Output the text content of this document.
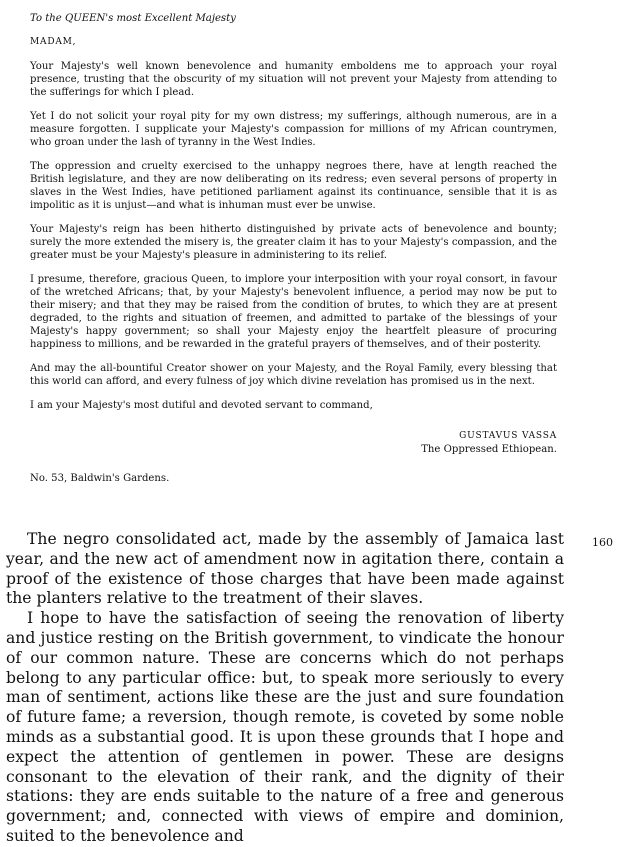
To the QUEEN's most Excellent Majesty

MADAM,

Your Majesty's well known benevolence and humanity emboldens me to approach your royal presence, trusting that the obscurity of my situation will not prevent your Majesty from attending to the sufferings for which I plead.

Yet I do not solicit your royal pity for my own distress; my sufferings, although numerous, are in a measure forgotten. I supplicate your Majesty's compassion for millions of my African countrymen, who groan under the lash of tyranny in the West Indies.

The oppression and cruelty exercised to the unhappy negroes there, have at length reached the British legislature, and they are now deliberating on its redress; even several persons of property in slaves in the West Indies, have petitioned parliament against its continuance, sensible that it is as impolitic as it is unjust—and what is inhuman must ever be unwise.

Your Majesty's reign has been hitherto distinguished by private acts of benevolence and bounty; surely the more extended the misery is, the greater claim it has to your Majesty's compassion, and the greater must be your Majesty's pleasure in administering to its relief.

I presume, therefore, gracious Queen, to implore your interposition with your royal consort, in favour of the wretched Africans; that, by your Majesty's benevolent influence, a period may now be put to their misery; and that they may be raised from the condition of brutes, to which they are at present degraded, to the rights and situation of freemen, and admitted to partake of the blessings of your Majesty's happy government; so shall your Majesty enjoy the heartfelt pleasure of procuring happiness to millions, and be rewarded in the grateful prayers of themselves, and of their posterity.

And may the all-bountiful Creator shower on your Majesty, and the Royal Family, every blessing that this world can afford, and every fulness of joy which divine revelation has promised us in the next.

I am your Majesty's most dutiful and devoted servant to command,

GUSTAVUS VASSA

The Oppressed Ethiopean.

No. 53, Baldwin's Gardens.

160

The negro consolidated act, made by the assembly of Jamaica last year, and the new act of amendment now in agitation there, contain a proof of the existence of those charges that have been made against the planters relative to the treatment of their slaves.

I hope to have the satisfaction of seeing the renovation of liberty and justice resting on the British government, to vindicate the honour of our common nature. These are concerns which do not perhaps belong to any particular office: but, to speak more seriously to every man of sentiment, actions like these are the just and sure foundation of future fame; a reversion, though remote, is coveted by some noble minds as a substantial good. It is upon these grounds that I hope and expect the attention of gentlemen in power. These are designs consonant to the elevation of their rank, and the dignity of their stations: they are ends suitable to the nature of a free and generous government; and, connected with views of empire and dominion, suited to the benevolence and
